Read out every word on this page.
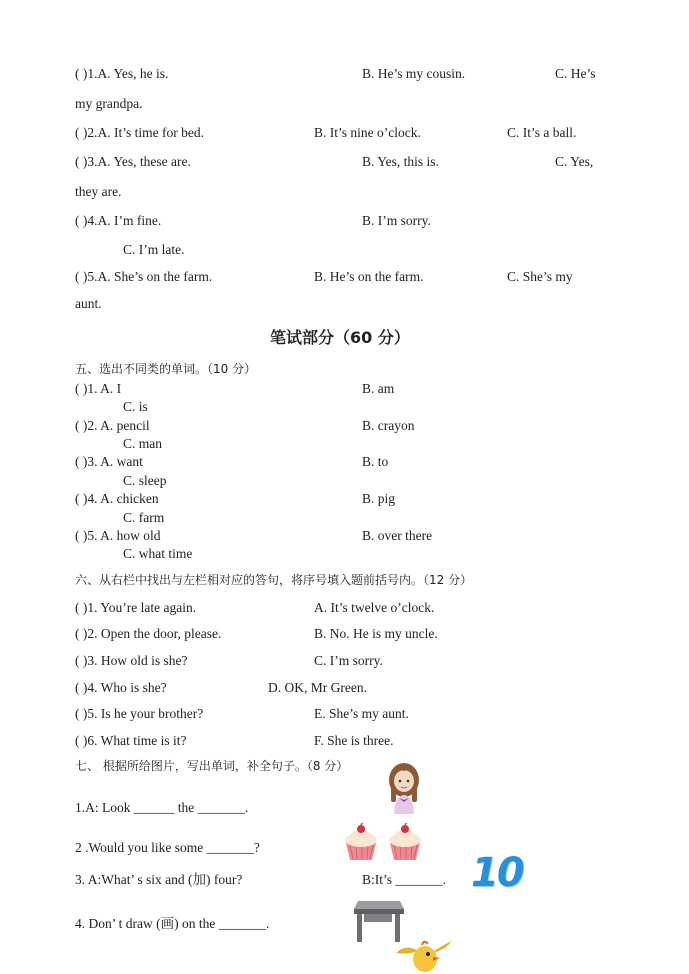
( )1.A. Yes, he is.	B. He’s my cousin.	C. He’s
my grandpa.
( )2.A. It’s time for bed.	B. It’s nine o’clock.	C. It’s a ball.
( )3.A. Yes, these are.	B. Yes, this is.	C. Yes,
they are.
( )4.A. I’m fine.	B. I’m sorry.
C. I’m late.
( )5.A. She’s on the farm.	B. He’s on the farm.	C. She’s my
aunt.
笔试部分（60 分）
五、选出不同类的单词。（10 分）
( )1. A. I	B. am
C. is
( )2. A. pencil	B. crayon
C. man
( )3. A. want	B. to
C. sleep
( )4. A. chicken	B. pig
C. farm
( )5. A. how old	B. over there
C. what time
六、从右栏中找出与左栏相对应的答句，将序号填入题前括号内。（12 分）
( )1. You’re late again.	A. It’s twelve o’clock.
( )2. Open the door, please.	B. No. He is my uncle.
( )3. How old is she?	C. I’m sorry.
( )4. Who is she?	D. OK, Mr Green.
( )5. Is he your brother?	E. She’s my aunt.
( )6. What time is it?	F. She is three.
七、 根据所给图片，写出单词，补全句子。（8 分）
1.A: Look ______ the _______.
2 .Would you like some _______?
3. A:What’ s six and (加) four?	B:It’s _______.
4. Don’ t draw (画) on the _______.
10
